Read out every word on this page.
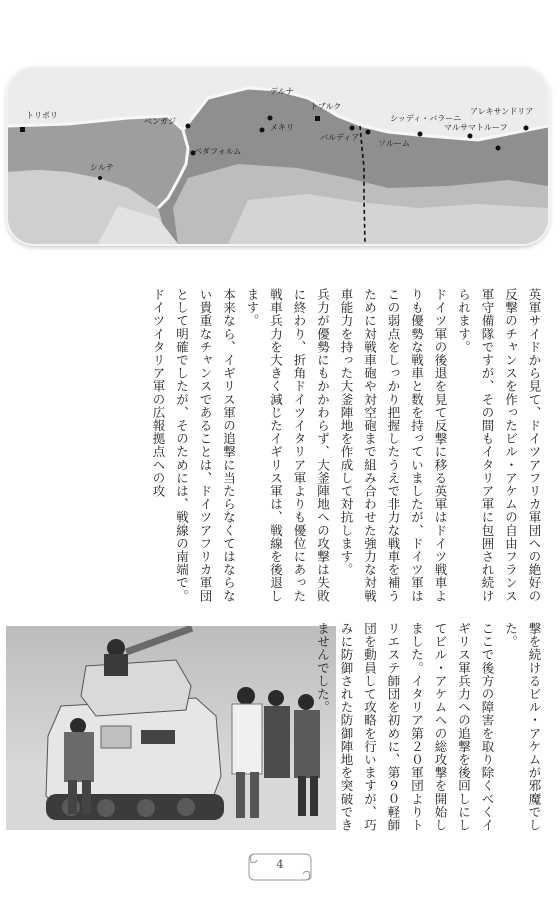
トリポリ
シルテ
ベンガジ
ベダフォルム
デルナ
メキリ
トブルク
バルディア
ソルーム
シッディ・バラーニ
マルサマトルーフ
アレキサンドリア

英軍サイドから見て、ドイツアフリカ軍団への絶好の反撃のチャンスを作ったビル・アケムの自由フランス軍守備隊ですが、その間もイタリア軍に包囲され続けられます。

ドイツ軍の後退を見て反撃に移る英軍はドイツ戦車よりも優勢な戦車と数を持っていましたが、ドイツ軍はこの弱点をしっかり把握したうえで非力な戦車を補うために対戦車砲や対空砲まで組み合わせた強力な対戦車能力を持った大釜陣地を作成して対抗します。

兵力が優勢にもかかわらず、大釜陣地への攻撃は失敗に終わり、折角ドイツイタリア軍よりも優位にあった戦車兵力を大きく減じたイギリス軍は、戦線を後退します。

本来なら、イギリス軍の追撃に当たらなくてはならない貴重なチャンスであることは、ドイツアフリカ軍団として明確でしたが、そのためには、戦線の南端で。ドイツイタリア軍の広報拠点への攻

撃を続けるビル・アケムが邪魔でした。

ここで後方の障害を取り除くべくイギリス軍兵力への追撃を後回しにしてビル・アケムへの総攻撃を開始しました。イタリア第２０軍団よりトリエステ師団を初めに、第９０軽師団を動員して攻略を行いますが、巧みに防御された防御陣地を突破できませんでした。

4
